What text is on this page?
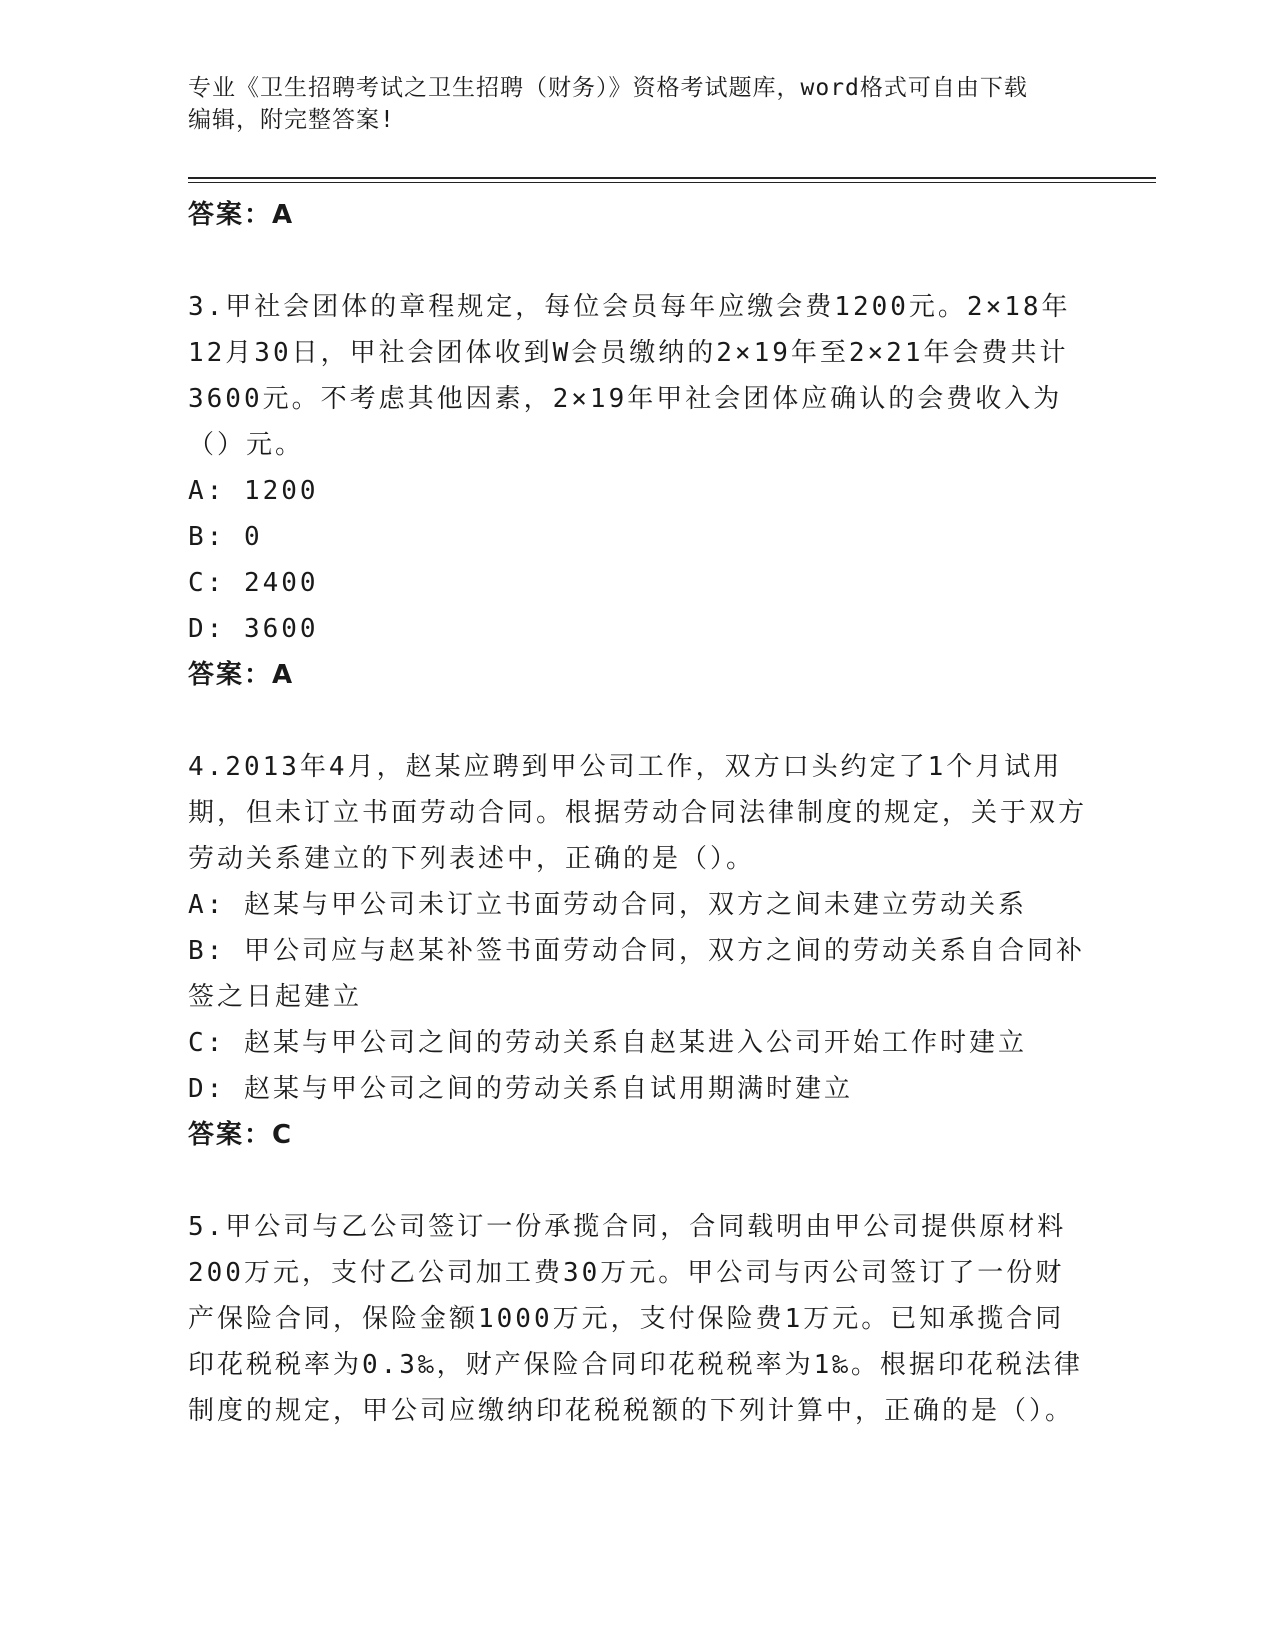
专业《卫生招聘考试之卫生招聘（财务）》资格考试题库，word格式可自由下载
编辑，附完整答案!
答案：A

3.甲社会团体的章程规定，每位会员每年应缴会费1200元。2×18年12月30日，甲社会团体收到W会员缴纳的2×19年至2×21年会费共计3600元。不考虑其他因素，2×19年甲社会团体应确认的会费收入为（）元。

A: 1200

B: 0

C: 2400

D: 3600

答案：A

4.2013年4月，赵某应聘到甲公司工作，双方口头约定了1个月试用期，但未订立书面劳动合同。根据劳动合同法律制度的规定，关于双方劳动关系建立的下列表述中，正确的是（）。

A: 赵某与甲公司未订立书面劳动合同，双方之间未建立劳动关系

B: 甲公司应与赵某补签书面劳动合同，双方之间的劳动关系自合同补签之日起建立

C: 赵某与甲公司之间的劳动关系自赵某进入公司开始工作时建立

D: 赵某与甲公司之间的劳动关系自试用期满时建立

答案：C

5.甲公司与乙公司签订一份承揽合同，合同载明由甲公司提供原材料200万元，支付乙公司加工费30万元。甲公司与丙公司签订了一份财产保险合同，保险金额1000万元，支付保险费1万元。已知承揽合同印花税税率为0.3‰，财产保险合同印花税税率为1‰。根据印花税法律制度的规定，甲公司应缴纳印花税税额的下列计算中，正确的是（）。
